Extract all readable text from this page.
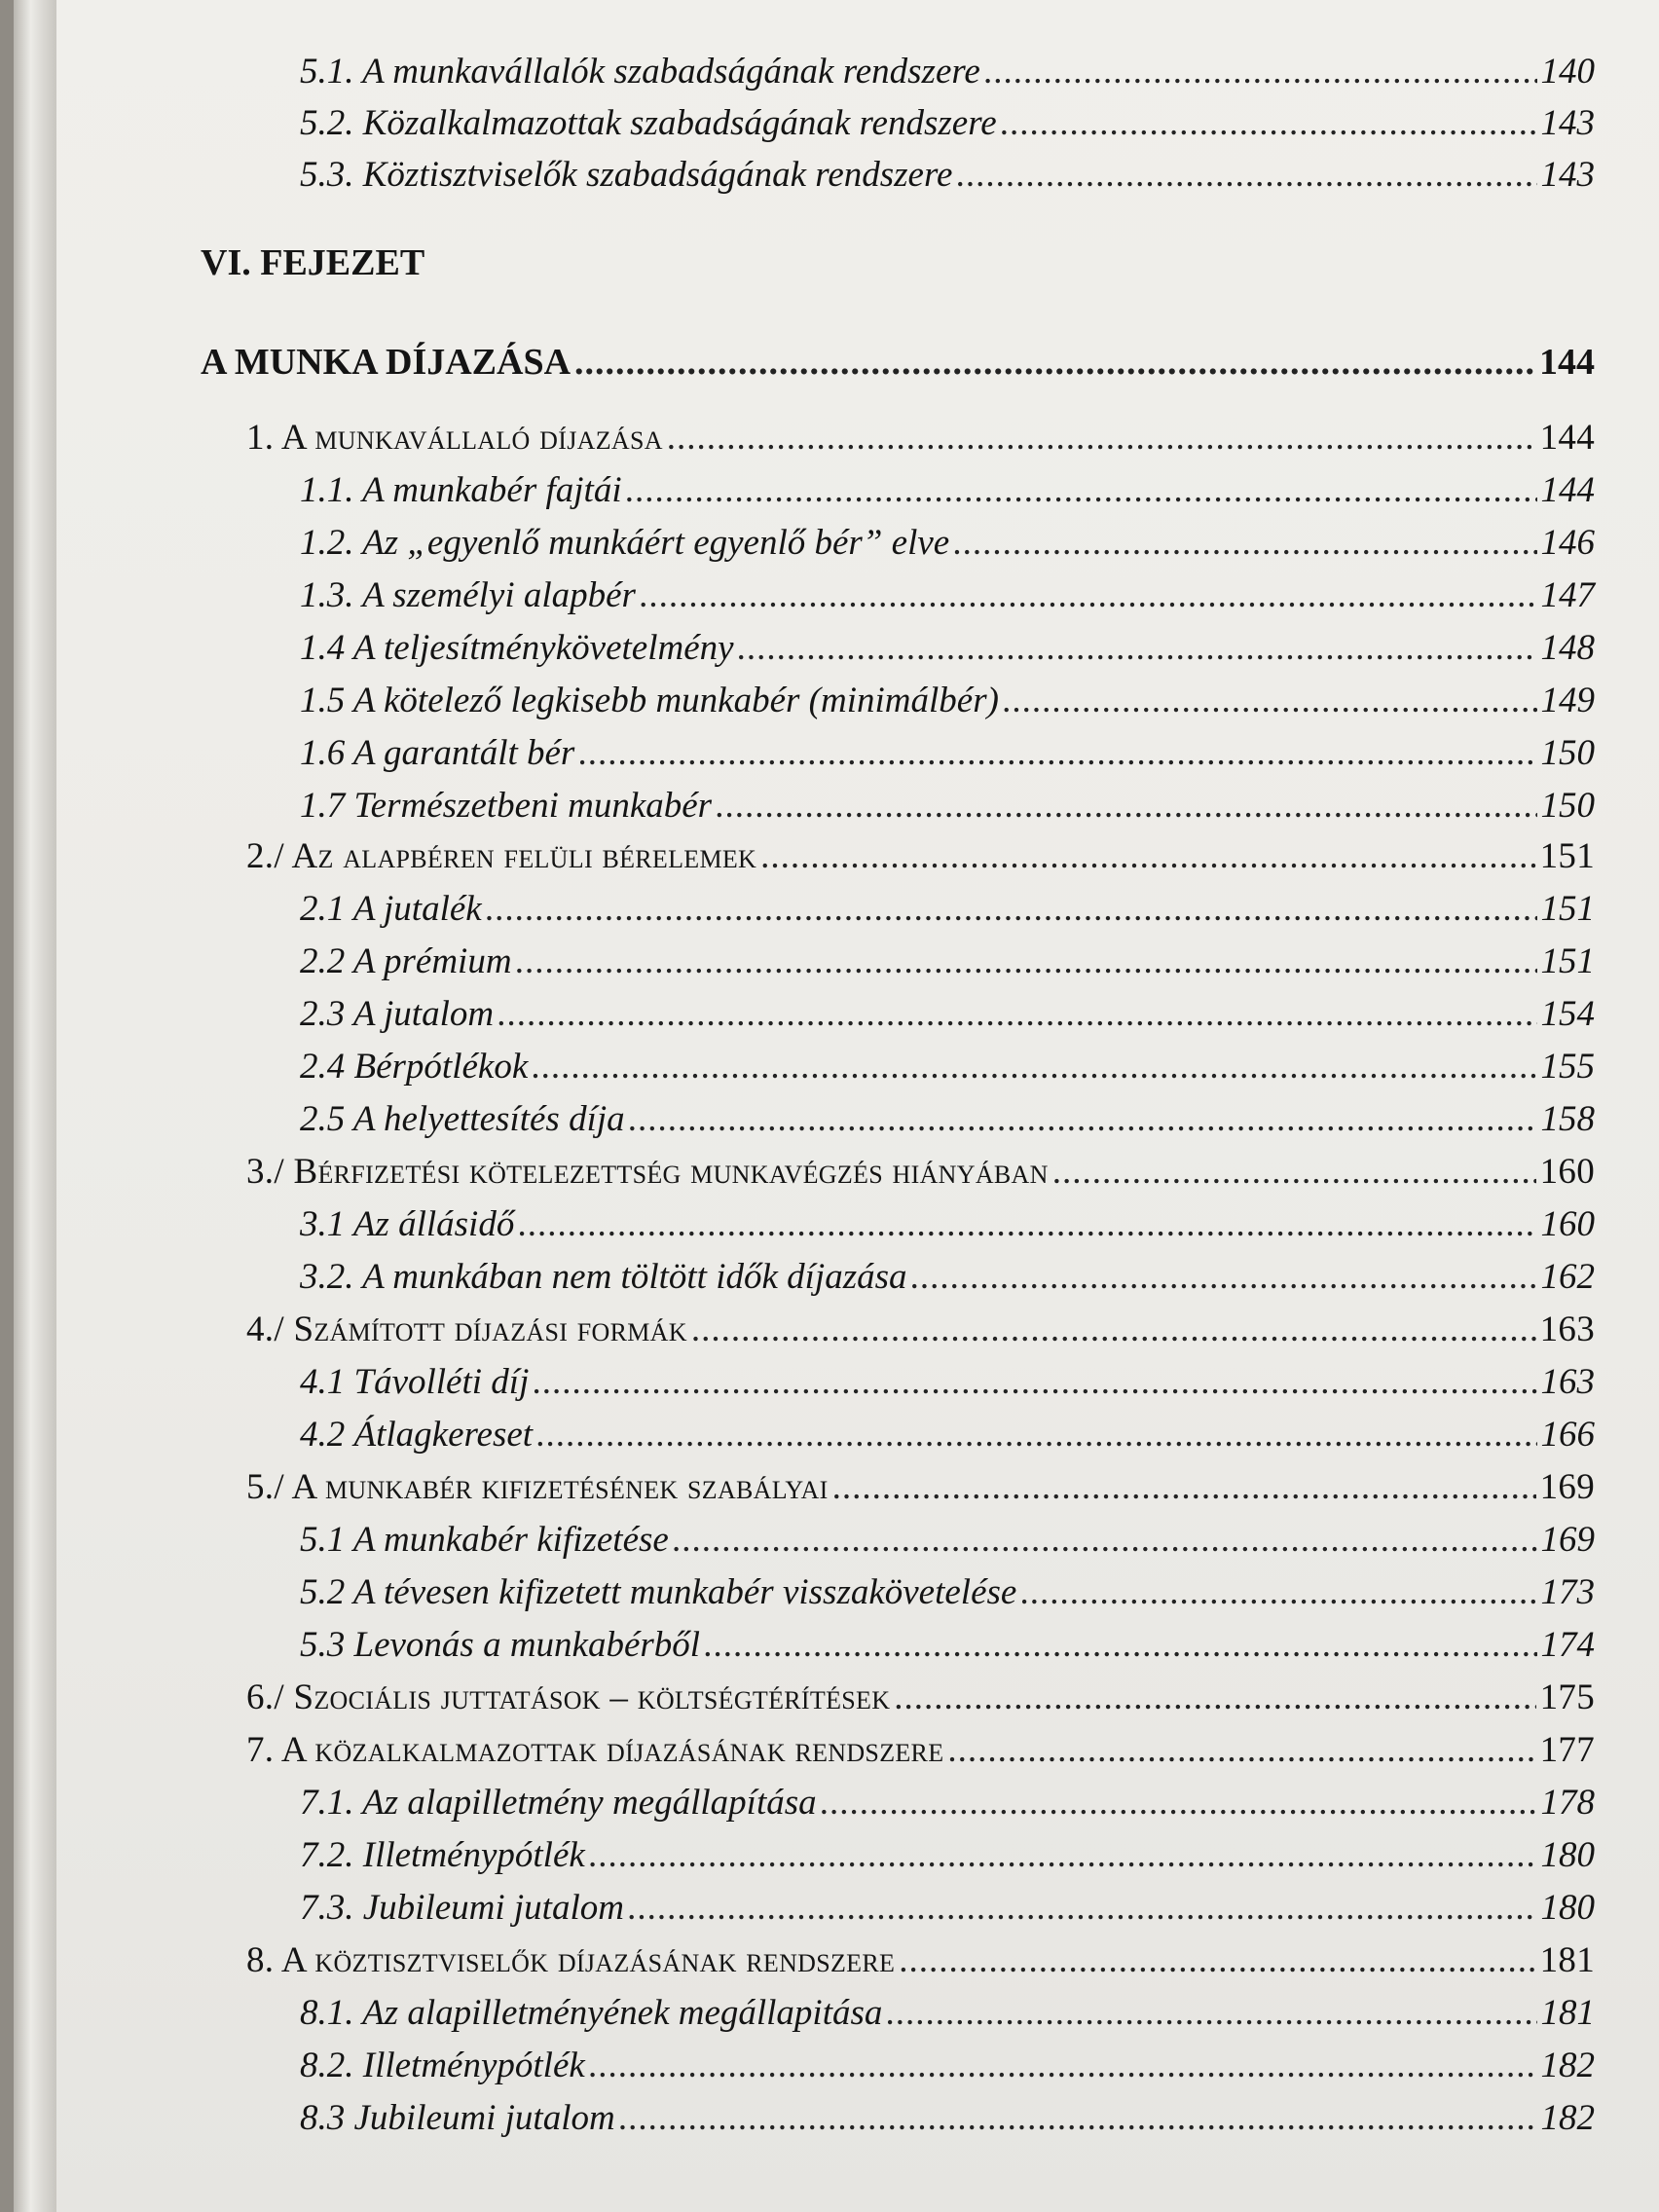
VI. FEJEZET
5.1. A munkavállalók szabadságának rendszere .....	140
5.2. Közalkalmazottak szabadságának rendszere .....	143
5.3. Köztisztviselők szabadságának rendszere .....	143
A MUNKA DÍJAZÁSA .....	144
1. A munkavállaló díjazása .....	144
1.1. A munkabér fajtái .....	144
1.2. Az „egyenlő munkáért egyenlő bér” elve .....	146
1.3. A személyi alapbér .....	147
1.4 A teljesítménykövetelmény .....	148
1.5 A kötelező legkisebb munkabér (minimálbér) .....	149
1.6 A garantált bér .....	150
1.7 Természetbeni munkabér .....	150
2./ Az alapbéren felüli bérelemek .....	151
2.1 A jutalék .....	151
2.2 A prémium .....	151
2.3 A jutalom .....	154
2.4 Bérpótlékok .....	155
2.5 A helyettesítés díja .....	158
3./ Bérfizetési kötelezettség munkavégzés hiányában .....	160
3.1 Az állásidő .....	160
3.2. A munkában nem töltött idők díjazása .....	162
4./ Számított díjazási formák .....	163
4.1 Távolléti díj .....	163
4.2 Átlagkereset .....	166
5./ A munkabér kifizetésének szabályai .....	169
5.1 A munkabér kifizetése .....	169
5.2 A tévesen kifizetett munkabér visszakövetelése .....	173
5.3 Levonás a munkabérből .....	174
6./ Szociális juttatások – költségtérítések .....	175
7. A közalkalmazottak díjazásának rendszere .....	177
7.1. Az alapilletmény megállapítása .....	178
7.2. Illetménypótlék .....	180
7.3. Jubileumi jutalom .....	180
8. A köztisztviselők díjazásának rendszere .....	181
8.1. Az alapilletményének megállapitása .....	181
8.2. Illetménypótlék .....	182
8.3 Jubileumi jutalom .....	182
